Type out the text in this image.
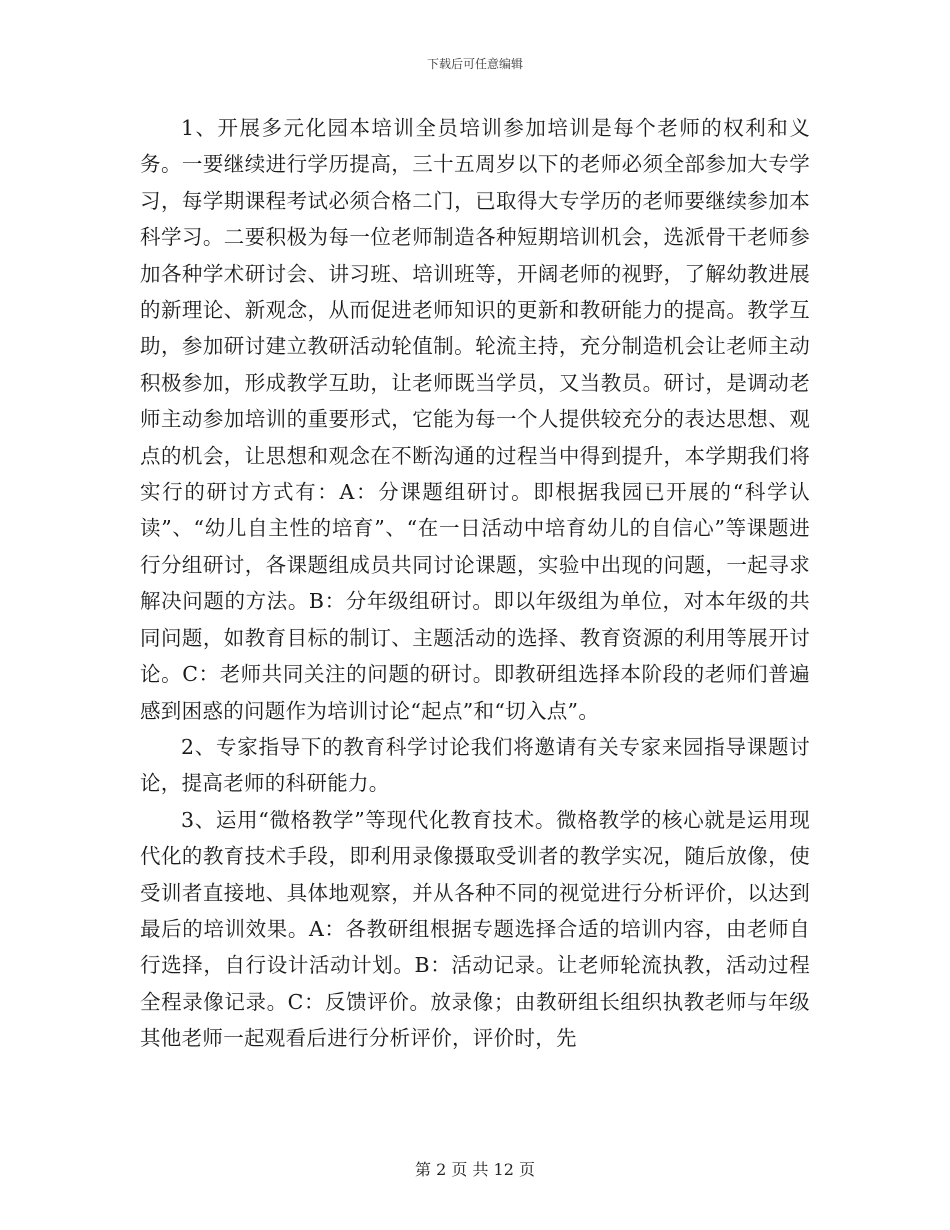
下载后可任意编辑

1、开展多元化园本培训全员培训参加培训是每个老师的权利和义务。一要继续进行学历提高，三十五周岁以下的老师必须全部参加大专学习，每学期课程考试必须合格二门，已取得大专学历的老师要继续参加本科学习。二要积极为每一位老师制造各种短期培训机会，选派骨干老师参加各种学术研讨会、讲习班、培训班等，开阔老师的视野，了解幼教进展的新理论、新观念，从而促进老师知识的更新和教研能力的提高。教学互助，参加研讨建立教研活动轮值制。轮流主持，充分制造机会让老师主动积极参加，形成教学互助，让老师既当学员，又当教员。研讨，是调动老师主动参加培训的重要形式，它能为每一个人提供较充分的表达思想、观点的机会，让思想和观念在不断沟通的过程当中得到提升，本学期我们将实行的研讨方式有：A：分课题组研讨。即根据我园已开展的“科学认读”、“幼儿自主性的培育”、“在一日活动中培育幼儿的自信心”等课题进行分组研讨，各课题组成员共同讨论课题，实验中出现的问题，一起寻求解决问题的方法。B：分年级组研讨。即以年级组为单位，对本年级的共同问题，如教育目标的制订、主题活动的选择、教育资源的利用等展开讨论。C：老师共同关注的问题的研讨。即教研组选择本阶段的老师们普遍感到困惑的问题作为培训讨论“起点”和“切入点”。

2、专家指导下的教育科学讨论我们将邀请有关专家来园指导课题讨论，提高老师的科研能力。

3、运用“微格教学”等现代化教育技术。微格教学的核心就是运用现代化的教育技术手段，即利用录像摄取受训者的教学实况，随后放像，使受训者直接地、具体地观察，并从各种不同的视觉进行分析评价，以达到最后的培训效果。A：各教研组根据专题选择合适的培训内容，由老师自行选择，自行设计活动计划。B：活动记录。让老师轮流执教，活动过程全程录像记录。C：反馈评价。放录像；由教研组长组织执教老师与年级其他老师一起观看后进行分析评价，评价时，先

第 2 页 共 12 页
